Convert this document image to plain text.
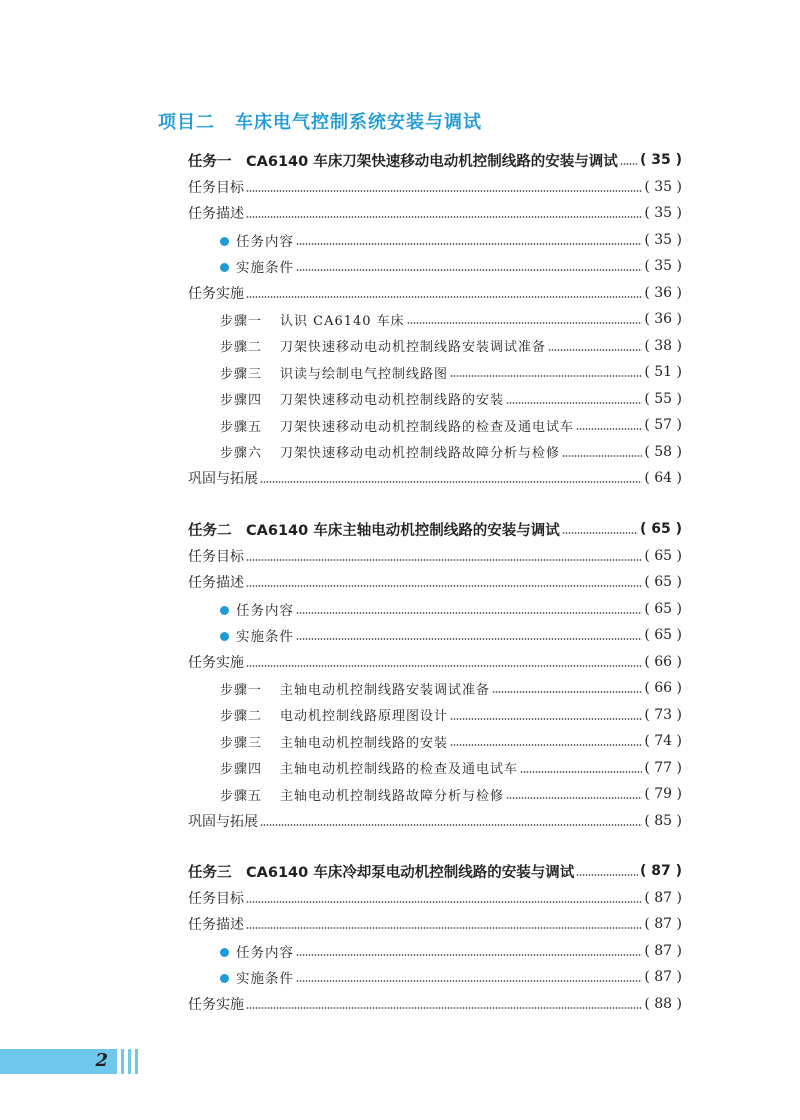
项目二 车床电气控制系统安装与调试
任务一　CA6140 车床刀架快速移动电动机控制线路的安装与调试 ( 35 )
任务目标	( 35 )
任务描述	( 35 )
任务内容	( 35 )
实施条件	( 35 )
任务实施	( 36 )
步骤一 认识 CA6140 车床	( 36 )
步骤二 刀架快速移动电动机控制线路安装调试准备	( 38 )
步骤三 识读与绘制电气控制线路图	( 51 )
步骤四 刀架快速移动电动机控制线路的安装	( 55 )
步骤五 刀架快速移动电动机控制线路的检查及通电试车	( 57 )
步骤六 刀架快速移动电动机控制线路故障分析与检修	( 58 )
巩固与拓展	( 64 )
任务二　CA6140 车床主轴电动机控制线路的安装与调试	( 65 )
任务目标	( 65 )
任务描述	( 65 )
任务内容	( 65 )
实施条件	( 65 )
任务实施	( 66 )
步骤一 主轴电动机控制线路安装调试准备	( 66 )
步骤二 电动机控制线路原理图设计	( 73 )
步骤三 主轴电动机控制线路的安装	( 74 )
步骤四 主轴电动机控制线路的检查及通电试车	( 77 )
步骤五 主轴电动机控制线路故障分析与检修	( 79 )
巩固与拓展	( 85 )
任务三　CA6140 车床冷却泵电动机控制线路的安装与调试	( 87 )
任务目标	( 87 )
任务描述	( 87 )
任务内容	( 87 )
实施条件	( 87 )
任务实施	( 88 )
2
